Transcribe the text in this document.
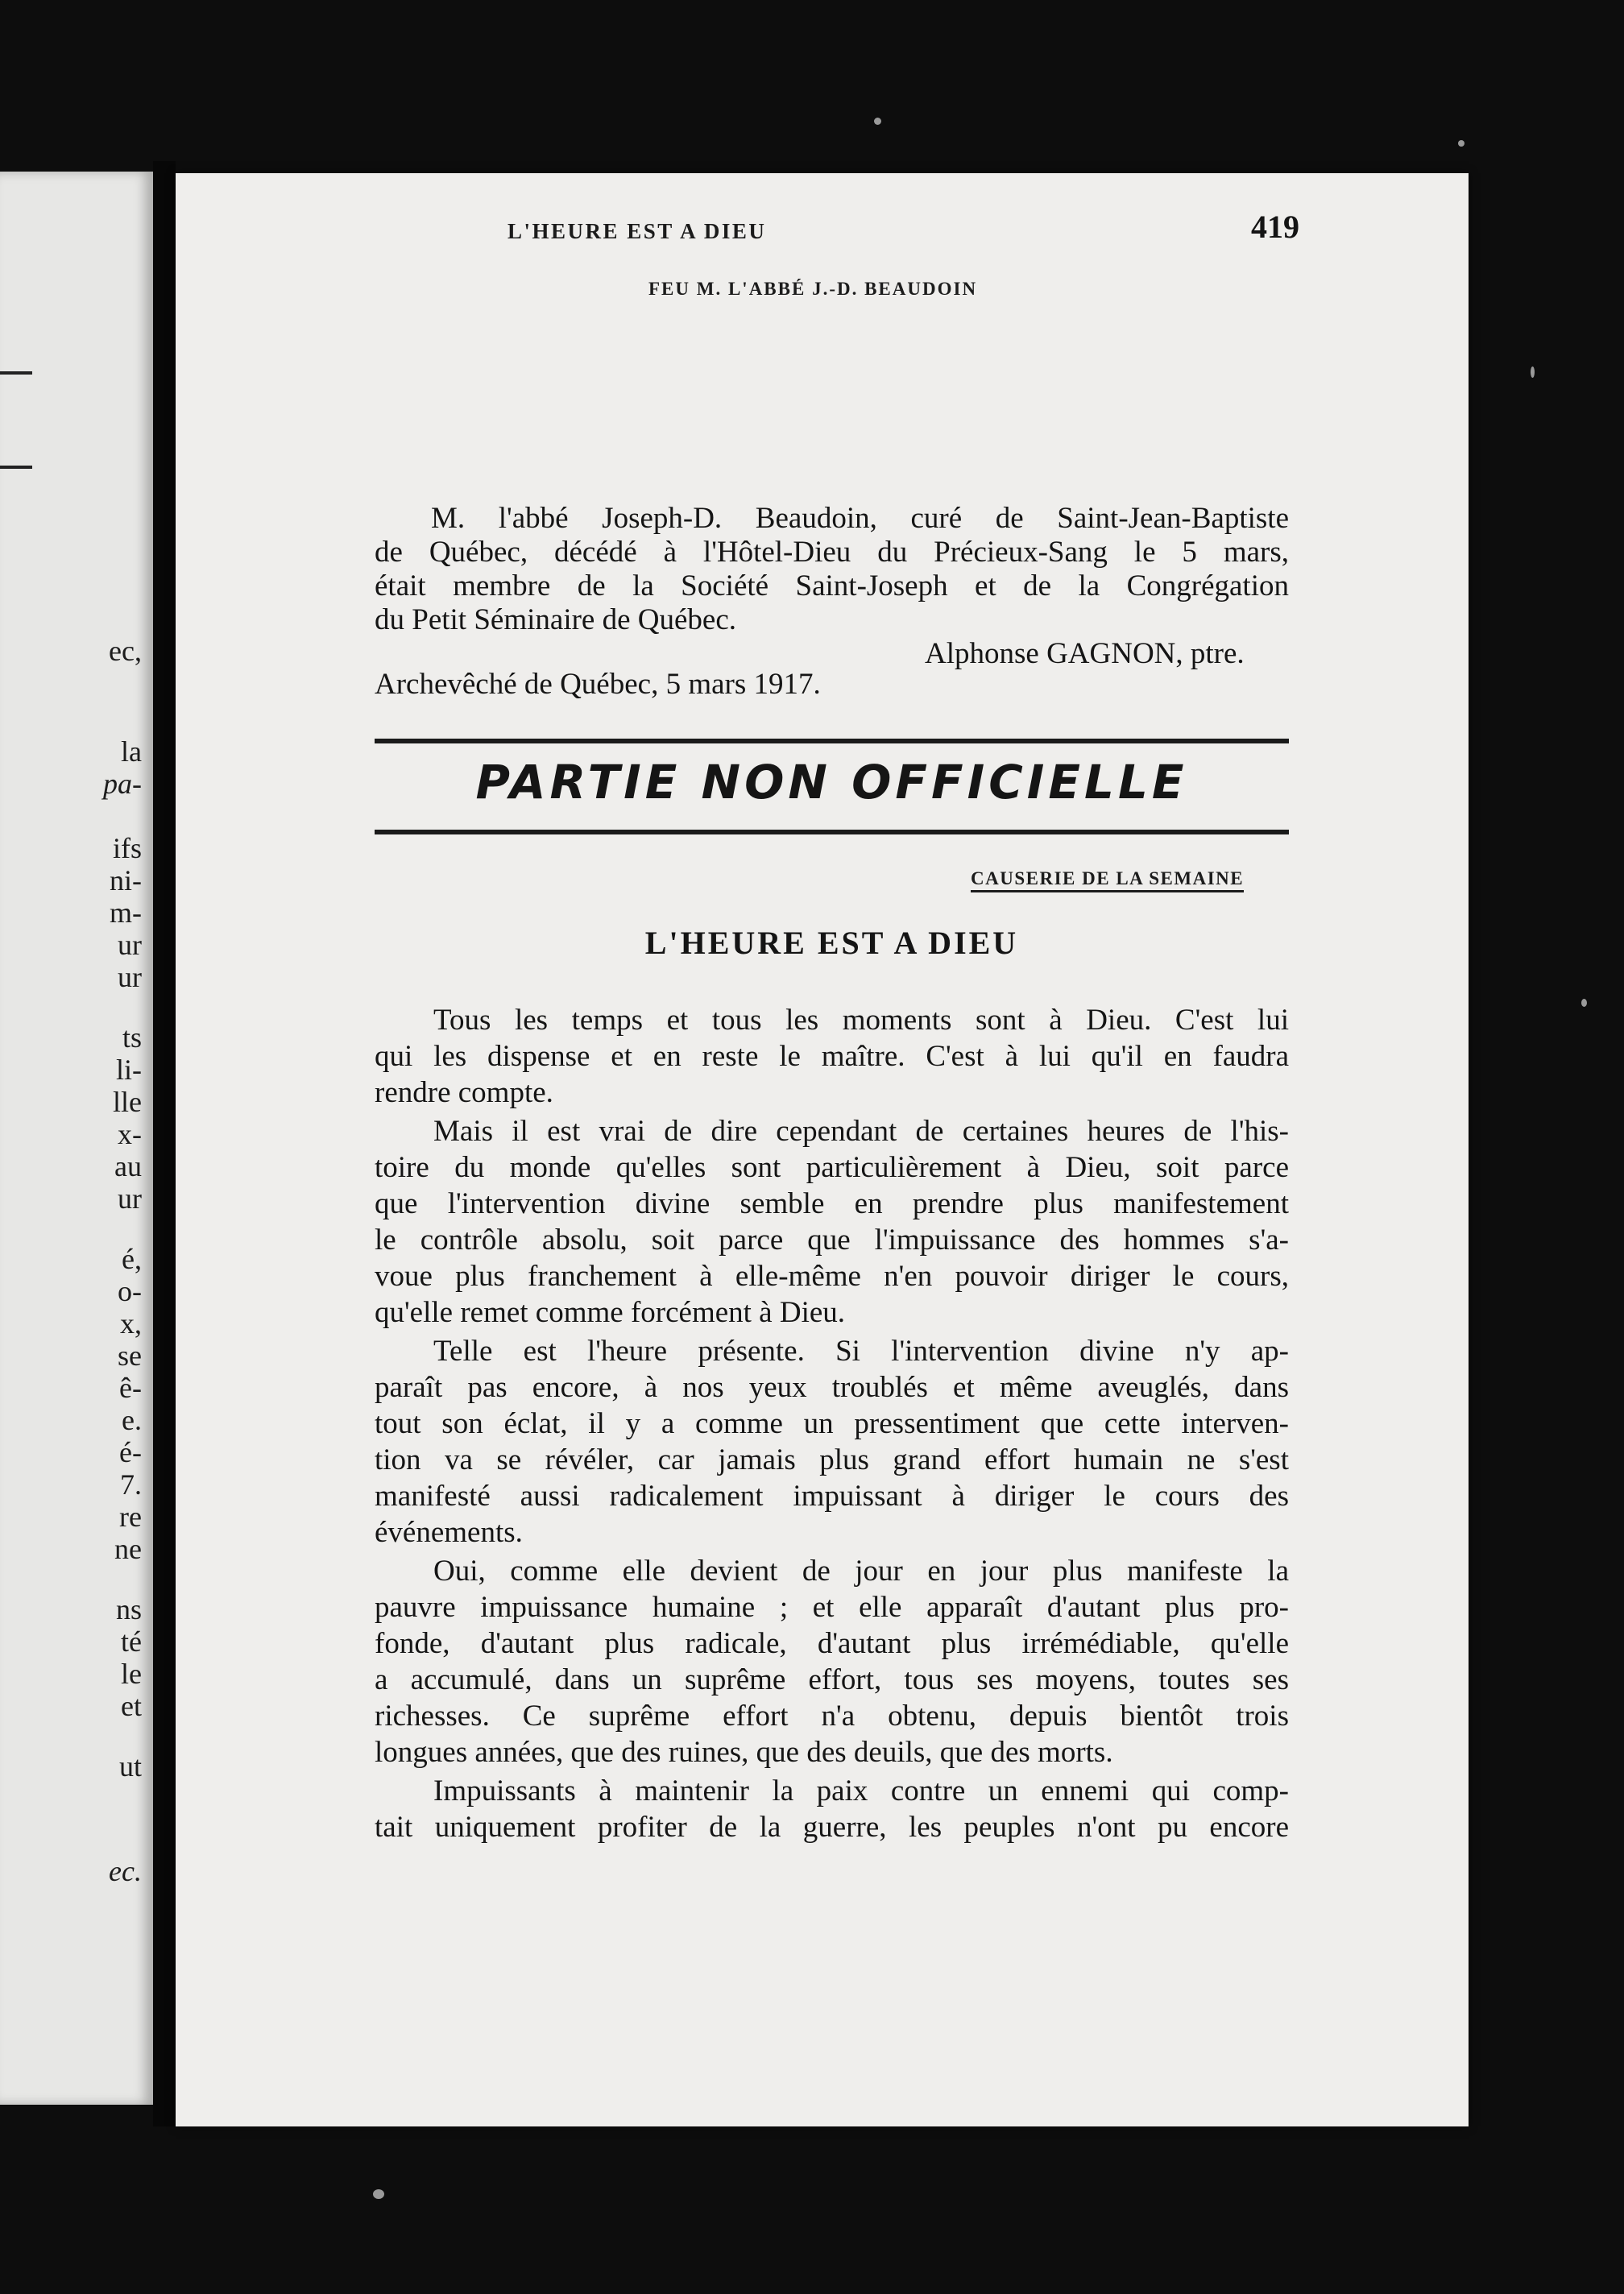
ec,
la
pa-
ifs
ni-
m-
ur
ur
ts
li-
lle
x-
au
ur
é,
o-
x,
se
ê-
e.
é-
7.
re
ne
ns
té
le
et
ut
ec.
L'HEURE EST A DIEU	419
FEU M. L'ABBÉ J.-D. BEAUDOIN
M. l'abbé Joseph-D. Beaudoin, curé de Saint-Jean-Baptiste
de Québec, décédé à l'Hôtel-Dieu du Précieux-Sang le 5 mars,
était membre de la Société Saint-Joseph et de la Congrégation
du Petit Séminaire de Québec.
Alphonse GAGNON, ptre.
Archevêché de Québec, 5 mars 1917.
PARTIE NON OFFICIELLE
CAUSERIE DE LA SEMAINE
L'HEURE EST A DIEU
Tous les temps et tous les moments sont à Dieu. C'est lui
qui les dispense et en reste le maître. C'est à lui qu'il en faudra
rendre compte.
Mais il est vrai de dire cependant de certaines heures de l'his-
toire du monde qu'elles sont particulièrement à Dieu, soit parce
que l'intervention divine semble en prendre plus manifestement
le contrôle absolu, soit parce que l'impuissance des hommes s'a-
voue plus franchement à elle-même n'en pouvoir diriger le cours,
qu'elle remet comme forcément à Dieu.
Telle est l'heure présente. Si l'intervention divine n'y ap-
paraît pas encore, à nos yeux troublés et même aveuglés, dans
tout son éclat, il y a comme un pressentiment que cette interven-
tion va se révéler, car jamais plus grand effort humain ne s'est
manifesté aussi radicalement impuissant à diriger le cours des
événements.
Oui, comme elle devient de jour en jour plus manifeste la
pauvre impuissance humaine ; et elle apparaît d'autant plus pro-
fonde, d'autant plus radicale, d'autant plus irrémédiable, qu'elle
a accumulé, dans un suprême effort, tous ses moyens, toutes ses
richesses. Ce suprême effort n'a obtenu, depuis bientôt trois
longues années, que des ruines, que des deuils, que des morts.
Impuissants à maintenir la paix contre un ennemi qui comp-
tait uniquement profiter de la guerre, les peuples n'ont pu encore
